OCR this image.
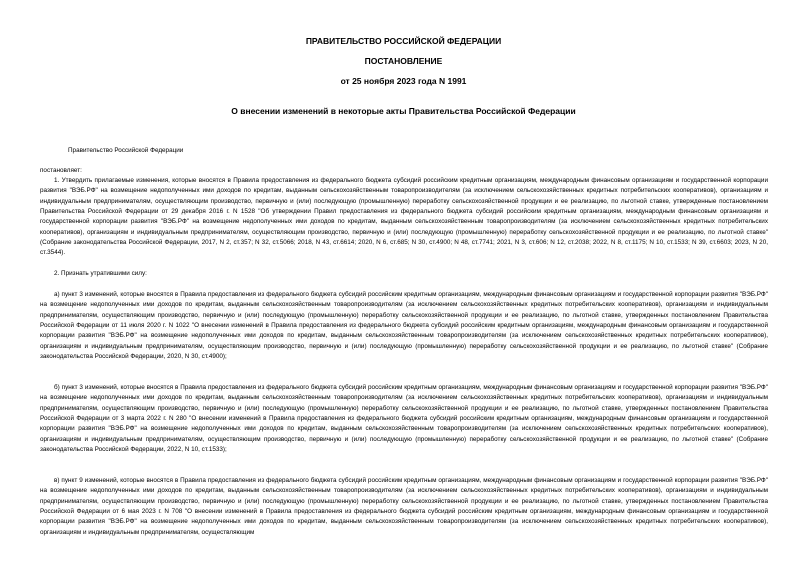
ПРАВИТЕЛЬСТВО РОССИЙСКОЙ ФЕДЕРАЦИИ
ПОСТАНОВЛЕНИЕ
от 25 ноября 2023 года N 1991
О внесении изменений в некоторые акты Правительства Российской Федерации
Правительство Российской Федерации
постановляет:
1. Утвердить прилагаемые изменения, которые вносятся в Правила предоставления из федерального бюджета субсидий российским кредитным организациям, международным финансовым организациям и государственной корпорации развития "ВЭБ.РФ" на возмещение недополученных ими доходов по кредитам, выданным сельскохозяйственным товаропроизводителям (за исключением сельскохозяйственных кредитных потребительских кооперативов), организациям и индивидуальным предпринимателям, осуществляющим производство, первичную и (или) последующую (промышленную) переработку сельскохозяйственной продукции и ее реализацию, по льготной ставке, утвержденные постановлением Правительства Российской Федерации от 29 декабря 2016 г. N 1528 "Об утверждении Правил предоставления из федерального бюджета субсидий российским кредитным организациям, международным финансовым организациям и государственной корпорации развития "ВЭБ.РФ" на возмещение недополученных ими доходов по кредитам, выданным сельскохозяйственным товаропроизводителям (за исключением сельскохозяйственных кредитных потребительских кооперативов), организациям и индивидуальным предпринимателям, осуществляющим производство, первичную и (или) последующую (промышленную) переработку сельскохозяйственной продукции и ее реализацию, по льготной ставке" (Собрание законодательства Российской Федерации, 2017, N 2, ст.357; N 32, ст.5066; 2018, N 43, ст.6614; 2020, N 6, ст.685; N 30, ст.4900; N 48, ст.7741; 2021, N 3, ст.606; N 12, ст.2038; 2022, N 8, ст.1175; N 10, ст.1533; N 39, ст.6603; 2023, N 20, ст.3544).
2. Признать утратившими силу:
а) пункт 3 изменений, которые вносятся в Правила предоставления из федерального бюджета субсидий российским кредитным организациям, международным финансовым организациям и государственной корпорации развития "ВЭБ.РФ" на возмещение недополученных ими доходов по кредитам, выданным сельскохозяйственным товаропроизводителям (за исключением сельскохозяйственных кредитных потребительских кооперативов), организациям и индивидуальным предпринимателям, осуществляющим производство, первичную и (или) последующую (промышленную) переработку сельскохозяйственной продукции и ее реализацию, по льготной ставке, утвержденных постановлением Правительства Российской Федерации от 11 июля 2020 г. N 1022 "О внесении изменений в Правила предоставления из федерального бюджета субсидий российским кредитным организациям, международным финансовым организациям и государственной корпорации развития "ВЭБ.РФ" на возмещение недополученных ими доходов по кредитам, выданным сельскохозяйственным товаропроизводителям (за исключением сельскохозяйственных кредитных потребительских кооперативов), организациям и индивидуальным предпринимателям, осуществляющим производство, первичную и (или) последующую (промышленную) переработку сельскохозяйственной продукции и ее реализацию, по льготной ставке" (Собрание законодательства Российской Федерации, 2020, N 30, ст.4900);
б) пункт 3 изменений, которые вносятся в Правила предоставления из федерального бюджета субсидий российским кредитным организациям, международным финансовым организациям и государственной корпорации развития "ВЭБ.РФ" на возмещение недополученных ими доходов по кредитам, выданным сельскохозяйственным товаропроизводителям (за исключением сельскохозяйственных кредитных потребительских кооперативов), организациям и индивидуальным предпринимателям, осуществляющим производство, первичную и (или) последующую (промышленную) переработку сельскохозяйственной продукции и ее реализацию, по льготной ставке, утвержденных постановлением Правительства Российской Федерации от 3 марта 2022 г. N 280 "О внесении изменений в Правила предоставления из федерального бюджета субсидий российским кредитным организациям, международным финансовым организациям и государственной корпорации развития "ВЭБ.РФ" на возмещение недополученных ими доходов по кредитам, выданным сельскохозяйственным товаропроизводителям (за исключением сельскохозяйственных кредитных потребительских кооперативов), организациям и индивидуальным предпринимателям, осуществляющим производство, первичную и (или) последующую (промышленную) переработку сельскохозяйственной продукции и ее реализацию, по льготной ставке" (Собрание законодательства Российской Федерации, 2022, N 10, ст.1533);
в) пункт 9 изменений, которые вносятся в Правила предоставления из федерального бюджета субсидий российским кредитным организациям, международным финансовым организациям и государственной корпорации развития "ВЭБ.РФ" на возмещение недополученных ими доходов по кредитам, выданным сельскохозяйственным товаропроизводителям (за исключением сельскохозяйственных кредитных потребительских кооперативов), организациям и индивидуальным предпринимателям, осуществляющим производство, первичную и (или) последующую (промышленную) переработку сельскохозяйственной продукции и ее реализацию, по льготной ставке, утвержденных постановлением Правительства Российской Федерации от 6 мая 2023 г. N 708 "О внесении изменений в Правила предоставления из федерального бюджета субсидий российским кредитным организациям, международным финансовым организациям и государственной корпорации развития "ВЭБ.РФ" на возмещение недополученных ими доходов по кредитам, выданным сельскохозяйственным товаропроизводителям (за исключением сельскохозяйственных кредитных потребительских кооперативов), организациям и индивидуальным предпринимателям, осуществляющим
